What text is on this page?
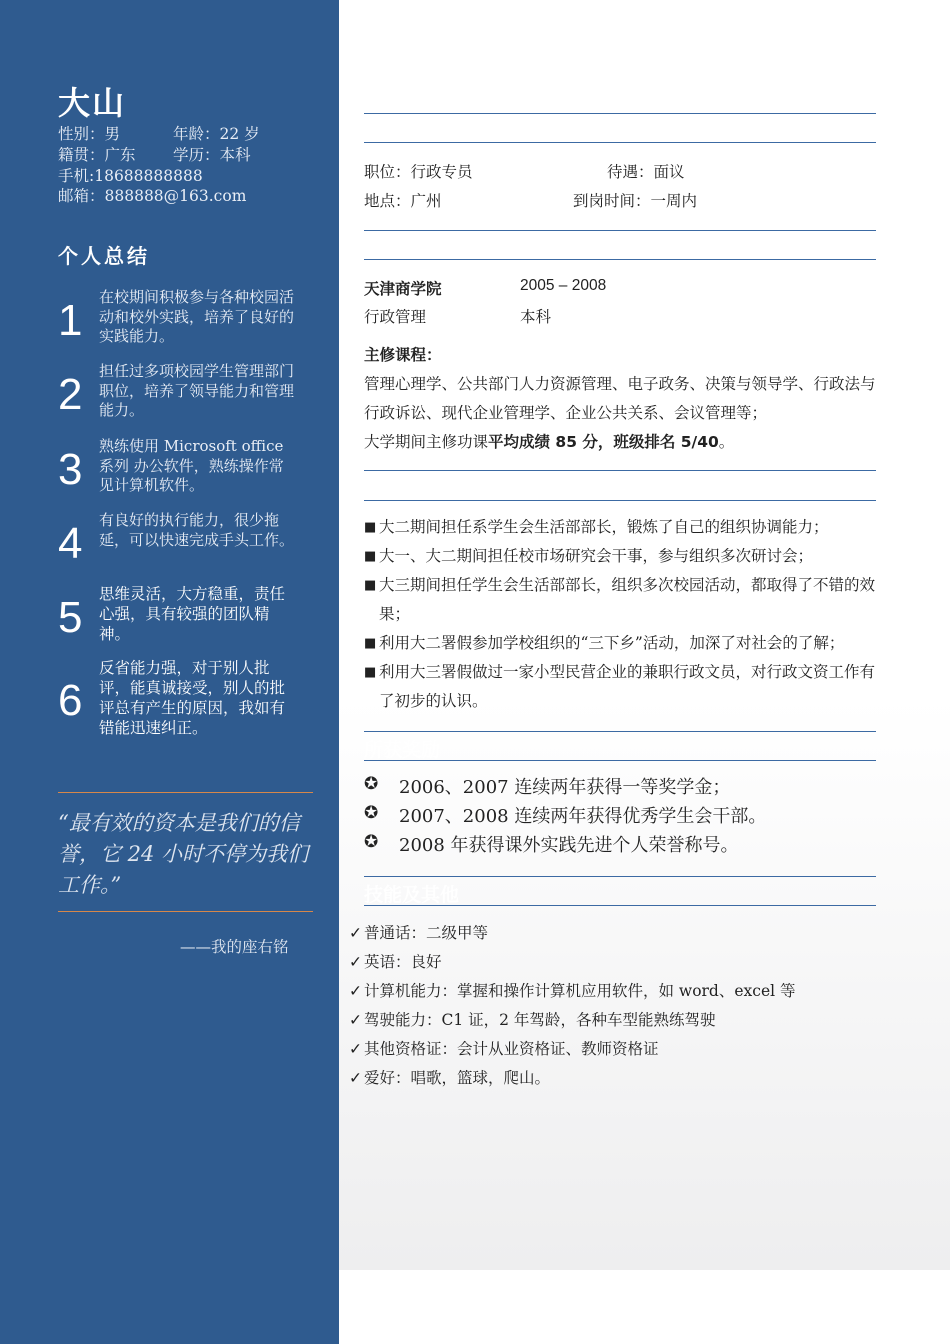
大山
性别：男	年龄：22 岁
籍贯：广东 学历：本科
手机:18688888888
邮箱：888888@163.com
个人总结
1 在校期间积极参与各种校园活动和校外实践，培养了良好的实践能力。
2 担任过多项校园学生管理部门职位，培养了领导能力和管理能力。
3 熟练使用 Microsoft office 系列 办公软件，熟练操作常见计算机软件。
4 有良好的执行能力，很少拖延，可以快速完成手头工作。
5 思维灵活，大方稳重，责任心强，具有较强的团队精神。
6
反省能力强，对于别人批评，能真诚接受，别人的批评总有产生的原因，我如有错能迅速纠正。
“最有效的资本是我们的信誉，它 24 小时不停为我们工作。”
——我的座右铭
职位：行政专员	待遇：面议
地点：广州	到岗时间：一周内
教育背景
天津商学院	2005 – 2008
行政管理	本科
主修课程：
管理心理学、公共部门人力资源管理、电子政务、决策与领导学、行政法与行政诉讼、现代企业管理学、企业公共关系、会议管理等；
大学期间主修功课平均成绩 85 分，班级排名 5/40。
实践经历
■ 大二期间担任系学生会生活部部长，锻炼了自己的组织协调能力；
■ 大一、大二期间担任校市场研究会干事，参与组织多次研讨会；
■ 大三期间担任学生会生活部部长，组织多次校园活动，都取得了不错的效果；
■ 利用大二署假参加学校组织的“三下乡”活动，加深了对社会的了解；
■ 利用大三署假做过一家小型民营企业的兼职行政文员，对行政文资工作有了初步的认识。
所获奖励
✪ 2006、2007 连续两年获得一等奖学金；
✪ 2007、2008 连续两年获得优秀学生会干部。
✪ 2008 年获得课外实践先进个人荣誉称号。
技能及其他
✓ 普通话：二级甲等
✓ 英语：良好
✓ 计算机能力：掌握和操作计算机应用软件，如 word、excel 等
✓ 驾驶能力：C1 证，2 年驾龄，各种车型能熟练驾驶
✓ 其他资格证：会计从业资格证、教师资格证
✓ 爱好：唱歌，篮球，爬山。
